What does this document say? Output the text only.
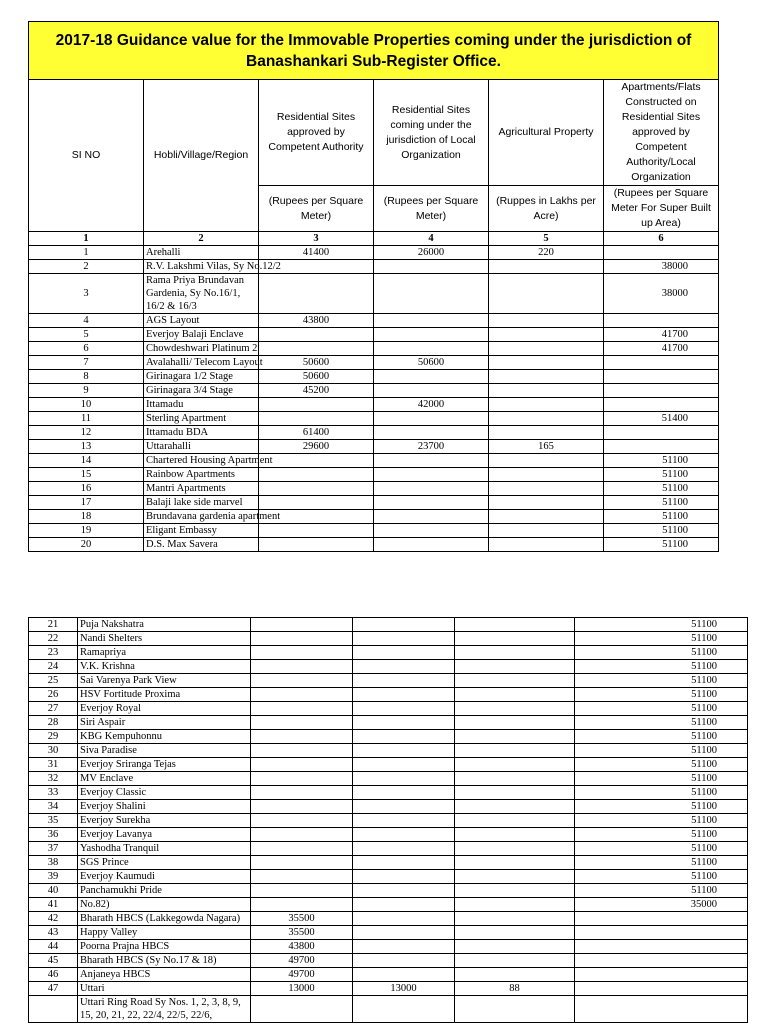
2017-18 Guidance value for the Immovable Properties coming under the jurisdiction of Banashankari Sub-Register Office.					
SI NO	Hobli/Village/Region	Residential Sites approved by Competent Authority	Residential Sites coming under the jurisdiction of Local Organization	Agricultural Property	Apartments/Flats Constructed on Residential Sites approved by Competent Authority/Local Organization
		(Rupees per Square Meter)	(Rupees per Square Meter)	(Ruppes in Lakhs per Acre)	(Rupees per Square Meter For Super Built up Area)
1	2	3	4	5	6
1	Arehalli	41400	26000	220	
2	R.V. Lakshmi Vilas, Sy No.12/2				38000
3	Rama Priya Brundavan Gardenia, Sy No.16/1, 16/2 & 16/3				38000
4	AGS Layout	43800			
5	Everjoy Balaji Enclave				41700
6	Chowdeshwari Platinum 2				41700
7	Avalahalli/ Telecom Layout	50600	50600		
8	Girinagara 1/2 Stage	50600			
9	Girinagara 3/4 Stage	45200			
10	Ittamadu		42000		
11	Sterling Apartment				51400
12	Ittamadu BDA	61400			
13	Uttarahalli	29600	23700	165	
14	Chartered Housing Apartment				51100
15	Rainbow Apartments				51100
16	Mantri Apartments				51100
17	Balaji lake side marvel				51100
18	Brundavana gardenia apartment				51100
19	Eligant Embassy				51100
20	D.S. Max Savera				51100
21	Puja Nakshatra				51100
22	Nandi Shelters				51100
23	Ramapriya				51100
24	V.K. Krishna				51100
25	Sai Varenya Park View				51100
26	HSV Fortitude Proxima				51100
27	Everjoy Royal				51100
28	Siri Aspair				51100
29	KBG Kempuhonnu				51100
30	Siva Paradise				51100
31	Everjoy Sriranga Tejas				51100
32	MV Enclave				51100
33	Everjoy Classic				51100
34	Everjoy Shalini				51100
35	Everjoy Surekha				51100
36	Everjoy Lavanya				51100
37	Yashodha Tranquil				51100
38	SGS Prince				51100
39	Everjoy Kaumudi				51100
40	Panchamukhi Pride				51100
41	No.82)				35000
42	Bharath HBCS (Lakkegowda Nagara)	35500			
43	Happy Valley	35500			
44	Poorna Prajna HBCS	43800			
45	Bharath HBCS (Sy No.17 & 18)	49700			
46	Anjaneya HBCS	49700			
47	Uttari	13000	13000	88	
	Uttari Ring Road Sy Nos. 1, 2, 3, 8, 9, 15, 20, 21, 22, 22/4, 22/5, 22/6,				
